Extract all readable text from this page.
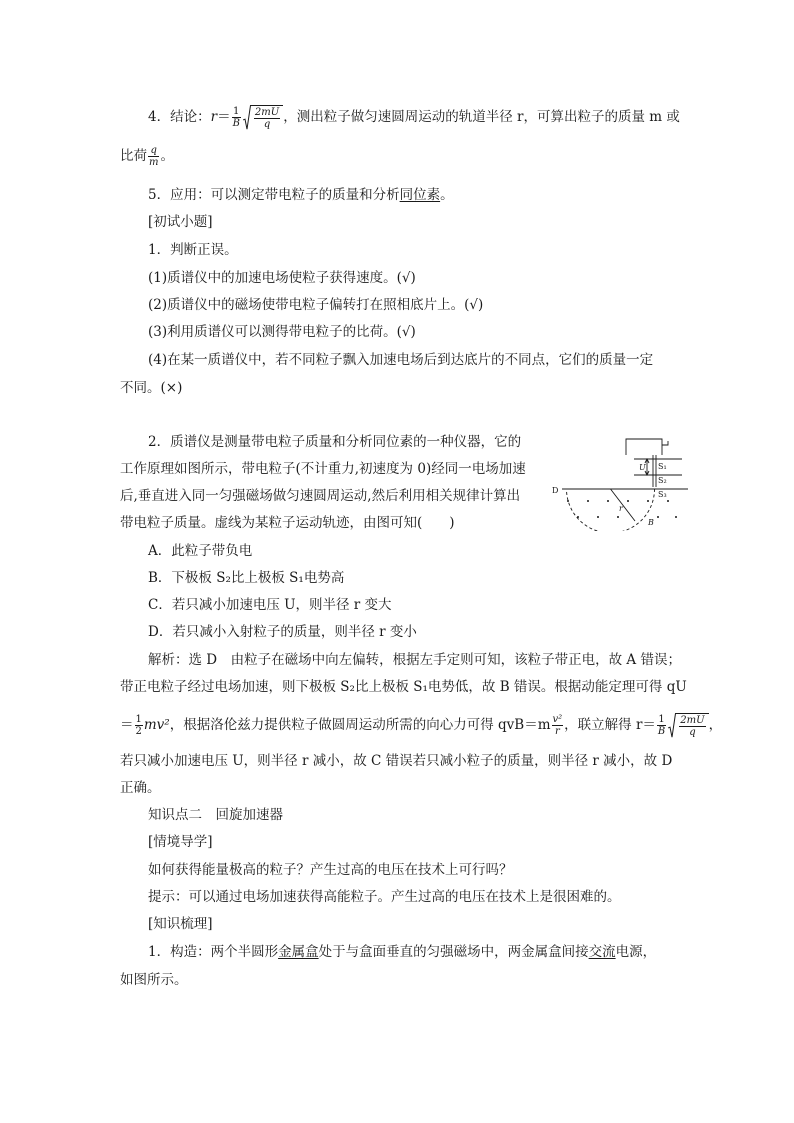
4．结论：$r= \frac{1}{B} \frac{2mU}{q}$ ，测出粒子做匀速圆周运动的轨道半径 r，可算出粒子的质量 m 或
比荷 $\frac{q}{m}$ 。
5．应用：可以测定带电粒子的质量和分析同位素。
[初试小题]
1．判断正误。
(1)质谱仪中的加速电场使粒子获得速度。(√)
(2)质谱仪中的磁场使带电粒子偏转打在照相底片上。(√)
(3)利用质谱仪可以测得带电粒子的比荷。(√)
(4)在某一质谱仪中，若不同粒子飘入加速电场后到达底片的不同点，它们的质量一定
不同。(×)
2．质谱仪是测量带电粒子质量和分析同位素的一种仪器，它的
工作原理如图所示，带电粒子(不计重力,初速度为 0)经同一电场加速
后,垂直进入同一匀强磁场做匀速圆周运动,然后利用相关规律计算出
带电粒子质量。虚线为某粒子运动轨迹，由图可知(　　)
A．此粒子带负电
B．下极板 S₂比上极板 S₁电势高
C．若只减小加速电压 U，则半径 r 变大
D．若只减小入射粒子的质量，则半径 r 变小
U S₁
S₂
S₃
D
B
r
解析：选 D　由粒子在磁场中向左偏转，根据左手定则可知，该粒子带正电，故 A 错误；
带正电粒子经过电场加速，则下极板 S₂比上极板 S₁电势低，故 B 错误。根据动能定理可得 qU
＝ $\frac{1}{2} mv^2$，根据洛伦兹力提供粒子做圆周运动所需的向心力可得 $qvB=m \frac{\text{v²}}{r}$ ，联立解得 $r= \frac{1}{B} \frac{2mU}{q}$ ，
若只减小加速电压 U，则半径 r 减小，故 C 错误若只减小粒子的质量，则半径 r 减小，故 D
正确。
知识点二　回旋加速器
[情境导学]
如何获得能量极高的粒子？产生过高的电压在技术上可行吗？
提示：可以通过电场加速获得高能粒子。产生过高的电压在技术上是很困难的。
[知识梳理]
1．构造：两个半圆形金属盒处于与盒面垂直的匀强磁场中，两金属盒间接交流电源，
如图所示。
